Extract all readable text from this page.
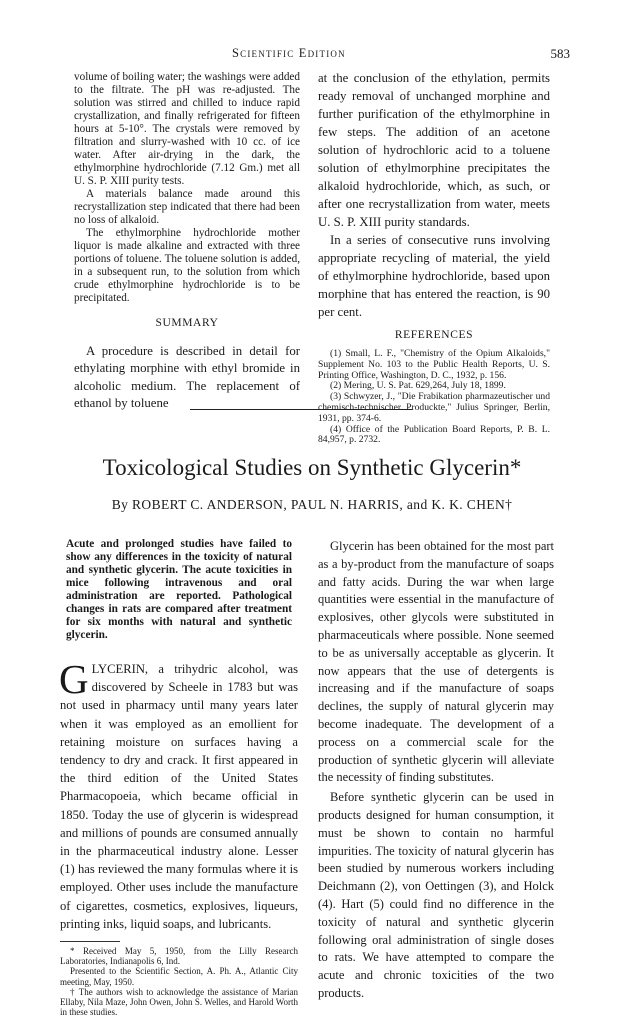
Scientific Edition	583

volume of boiling water; the washings were added to the filtrate. The pH was re-adjusted. The solution was stirred and chilled to induce rapid crystallization, and finally refrigerated for fifteen hours at 5-10°. The crystals were removed by filtration and slurry-washed with 10 cc. of ice water. After air-drying in the dark, the ethylmorphine hydrochloride (7.12 Gm.) met all U. S. P. XIII purity tests.

A materials balance made around this recrystallization step indicated that there had been no loss of alkaloid.

The ethylmorphine hydrochloride mother liquor is made alkaline and extracted with three portions of toluene. The toluene solution is added, in a subsequent run, to the solution from which crude ethylmorphine hydrochloride is to be precipitated.

SUMMARY

A procedure is described in detail for ethylating morphine with ethyl bromide in alcoholic medium. The replacement of ethanol by toluene

at the conclusion of the ethylation, permits ready removal of unchanged morphine and further purification of the ethylmorphine in few steps. The addition of an acetone solution of hydrochloric acid to a toluene solution of ethylmorphine precipitates the alkaloid hydrochloride, which, as such, or after one recrystallization from water, meets U. S. P. XIII purity standards.

In a series of consecutive runs involving appropriate recycling of material, the yield of ethylmorphine hydrochloride, based upon morphine that has entered the reaction, is 90 per cent.

REFERENCES

(1) Small, L. F., "Chemistry of the Opium Alkaloids," Supplement No. 103 to the Public Health Reports, U. S. Printing Office, Washington, D. C., 1932, p. 156.

(2) Mering, U. S. Pat. 629,264, July 18, 1899.

(3) Schwyzer, J., "Die Frabikation pharmazeutischer und chemisch-technischer Produckte," Julius Springer, Berlin, 1931, pp. 374-6.

(4) Office of the Publication Board Reports, P. B. L. 84,957, p. 2732.

Toxicological Studies on Synthetic Glycerin*
By ROBERT C. ANDERSON, PAUL N. HARRIS, and K. K. CHEN†

Acute and prolonged studies have failed to show any differences in the toxicity of natural and synthetic glycerin. The acute toxicities in mice following intravenous and oral administration are reported. Pathological changes in rats are compared after treatment for six months with natural and synthetic glycerin.

G LYCERIN, a trihydric alcohol, was discovered by Scheele in 1783 but was not used in pharmacy until many years later when it was employed as an emollient for retaining moisture on surfaces having a tendency to dry and crack. It first appeared in the third edition of the United States Pharmacopoeia, which became official in 1850. Today the use of glycerin is widespread and millions of pounds are consumed annually in the pharmaceutical industry alone. Lesser (1) has reviewed the many formulas where it is employed. Other uses include the manufacture of cigarettes, cosmetics, explosives, liqueurs, printing inks, liquid soaps, and lubricants.

* Received May 5, 1950, from the Lilly Research Laboratories, Indianapolis 6, Ind.

Presented to the Scientific Section, A. Ph. A., Atlantic City meeting, May, 1950.

† The authors wish to acknowledge the assistance of Marian Ellaby, Nila Maze, John Owen, John S. Welles, and Harold Worth in these studies.

Glycerin has been obtained for the most part as a by-product from the manufacture of soaps and fatty acids. During the war when large quantities were essential in the manufacture of explosives, other glycols were substituted in pharmaceuticals where possible. None seemed to be as universally acceptable as glycerin. It now appears that the use of detergents is increasing and if the manufacture of soaps declines, the supply of natural glycerin may become inadequate. The development of a process on a commercial scale for the production of synthetic glycerin will alleviate the necessity of finding substitutes.

Before synthetic glycerin can be used in products designed for human consumption, it must be shown to contain no harmful impurities. The toxicity of natural glycerin has been studied by numerous workers including Deichmann (2), von Oettingen (3), and Holck (4). Hart (5) could find no difference in the toxicity of natural and synthetic glycerin following oral administration of single doses to rats. We have attempted to compare the acute and chronic toxicities of the two products.
